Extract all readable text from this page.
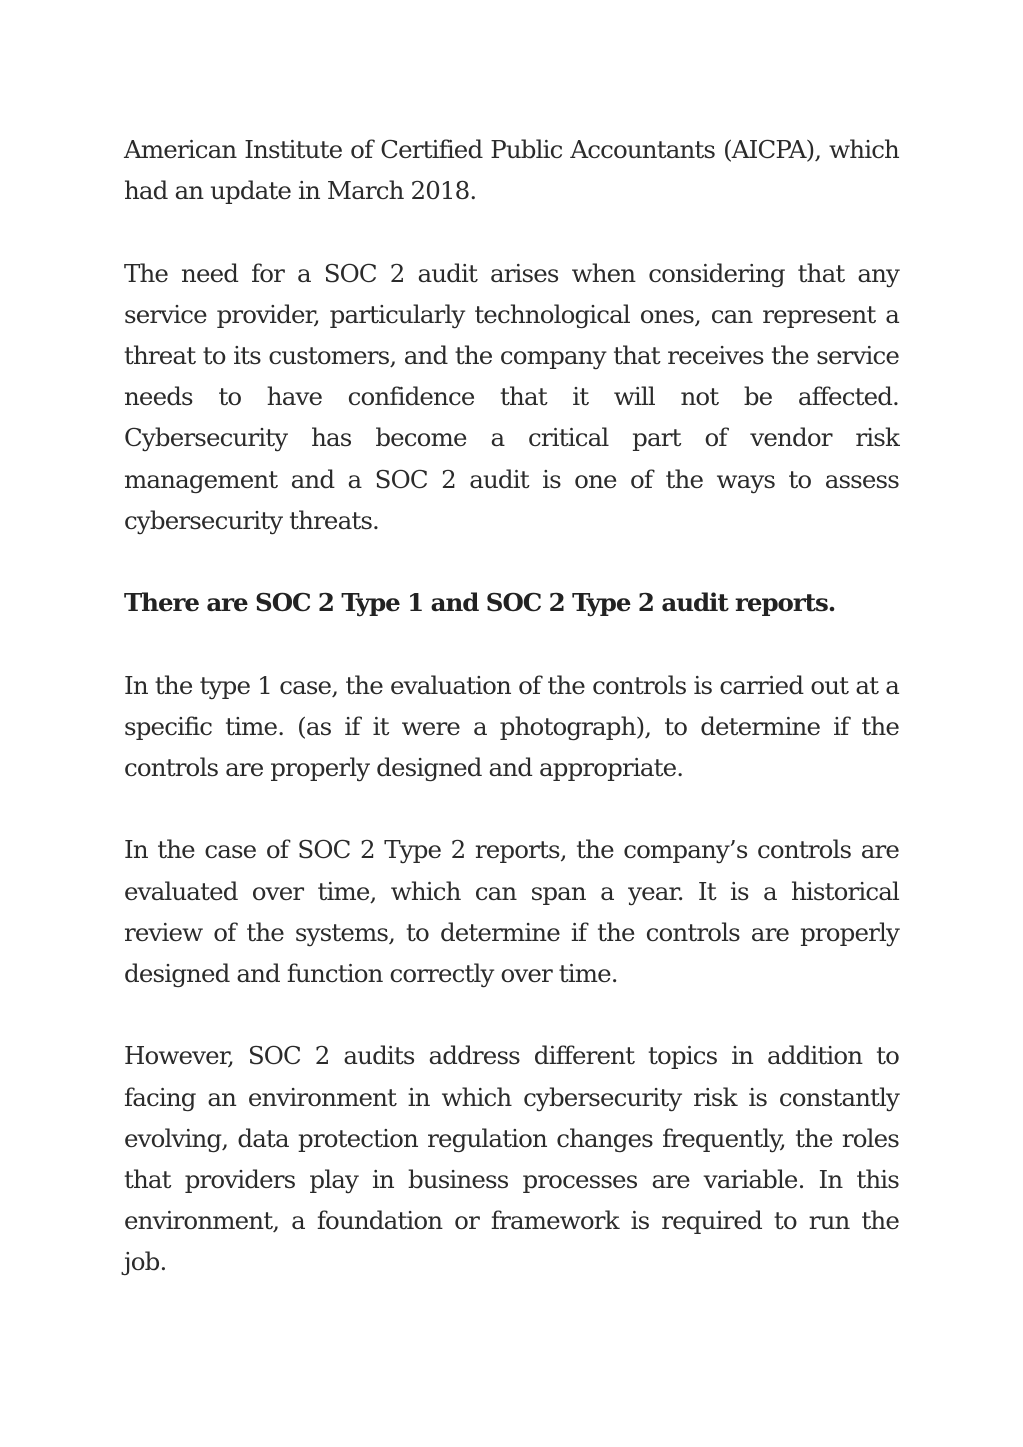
American Institute of Certified Public Accountants (AICPA), which had an update in March 2018.

The need for a SOC 2 audit arises when considering that any service provider, particularly technological ones, can represent a threat to its customers, and the company that receives the service needs to have confidence that it will not be affected. Cybersecurity has become a critical part of vendor risk management and a SOC 2 audit is one of the ways to assess cybersecurity threats.

There are SOC 2 Type 1 and SOC 2 Type 2 audit reports.

In the type 1 case, the evaluation of the controls is carried out at a specific time. (as if it were a photograph), to determine if the controls are properly designed and appropriate.

In the case of SOC 2 Type 2 reports, the company’s controls are evaluated over time, which can span a year. It is a historical review of the systems, to determine if the controls are properly designed and function correctly over time.

However, SOC 2 audits address different topics in addition to facing an environment in which cybersecurity risk is constantly evolving, data protection regulation changes frequently, the roles that providers play in business processes are variable. In this environment, a foundation or framework is required to run the job.
